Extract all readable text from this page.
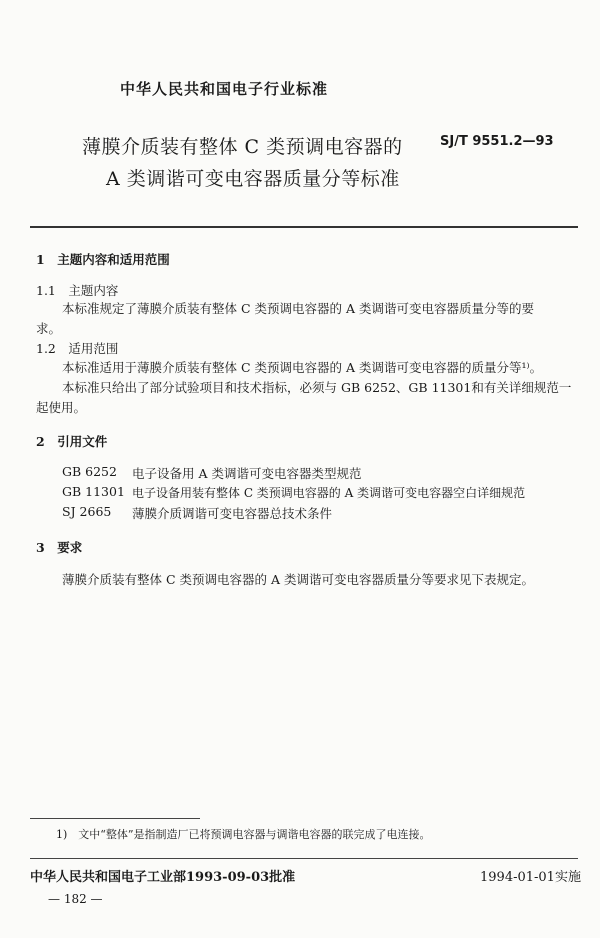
中华人民共和国电子行业标准
薄膜介质装有整体 C 类预调电容器的
A 类调谐可变电容器质量分等标准
SJ/T 9551.2—93
1　主题内容和适用范围
1.1　主题内容
本标准规定了薄膜介质装有整体 C 类预调电容器的 A 类调谐可变电容器质量分等的要
求。
1.2　适用范围
本标准适用于薄膜介质装有整体 C 类预调电容器的 A 类调谐可变电容器的质量分等¹⁾。
本标准只给出了部分试验项目和技术指标，必须与 GB 6252、GB 11301和有关详细规范一
起使用。
2　引用文件
GB 6252 电子设备用 A 类调谐可变电容器类型规范
GB 11301 电子设备用装有整体 C 类预调电容器的 A 类调谐可变电容器空白详细规范
SJ 2665 薄膜介质调谐可变电容器总技术条件
3　要求
薄膜介质装有整体 C 类预调电容器的 A 类调谐可变电容器质量分等要求见下表规定。
1)　文中“整体”是指制造厂已将预调电容器与调谐电容器的联完成了电连接。
中华人民共和国电子工业部1993-09-03批准	1994-01-01实施
— 182 —
